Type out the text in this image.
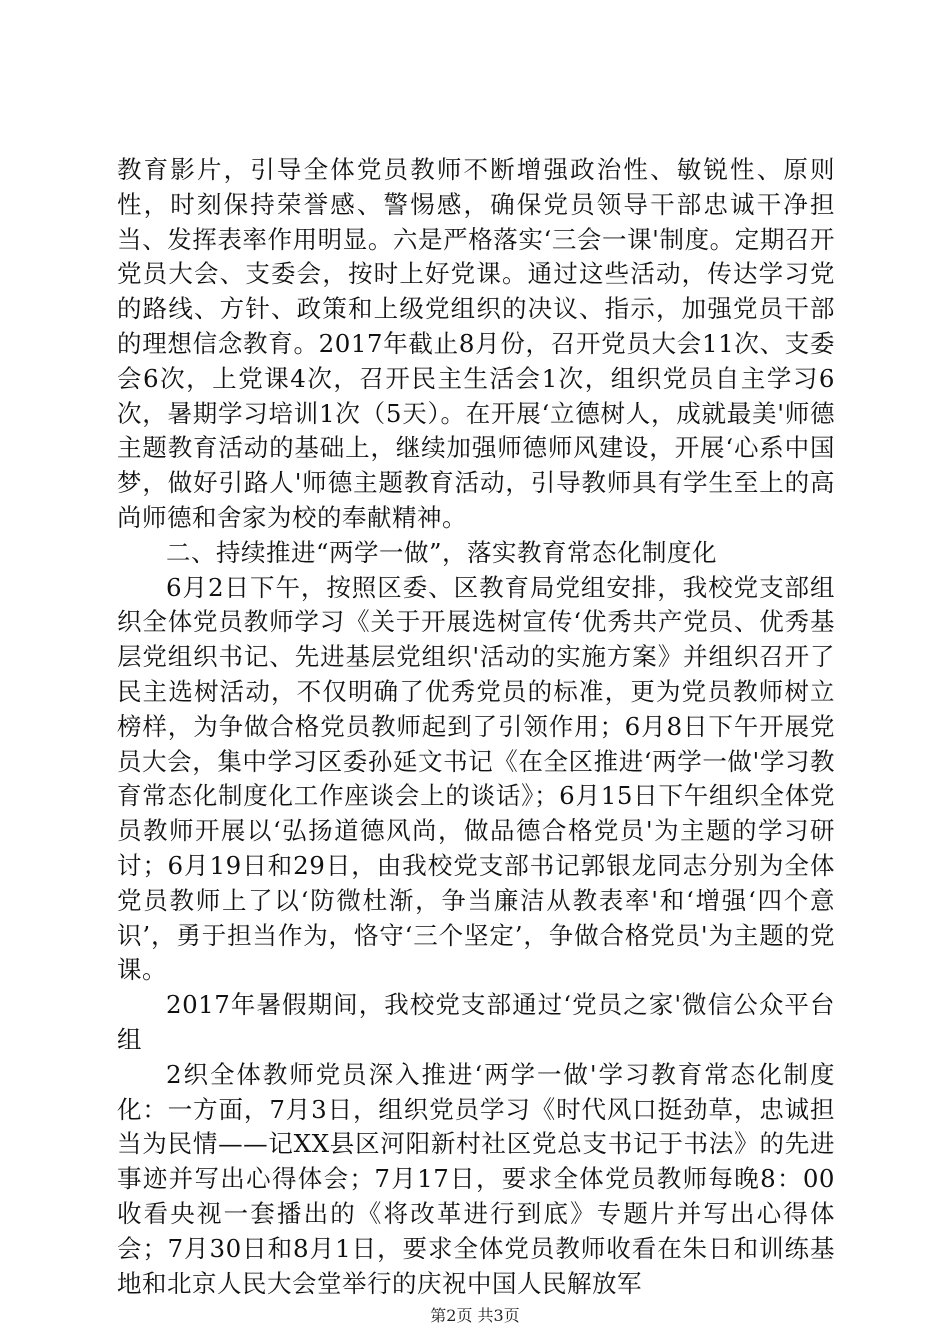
教育影片，引导全体党员教师不断增强政治性、敏锐性、原则性，时刻保持荣誉感、警惕感，确保党员领导干部忠诚干净担当、发挥表率作用明显。六是严格落实‘三会一课'制度。定期召开党员大会、支委会，按时上好党课。通过这些活动，传达学习党的路线、方针、政策和上级党组织的决议、指示，加强党员干部的理想信念教育。2017年截止8月份，召开党员大会11次、支委会6次，上党课4次，召开民主生活会1次，组织党员自主学习6次，暑期学习培训1次（5天）。在开展‘立德树人，成就最美'师德主题教育活动的基础上，继续加强师德师风建设，开展‘心系中国梦，做好引路人'师德主题教育活动，引导教师具有学生至上的高尚师德和舍家为校的奉献精神。

二、持续推进“两学一做”，落实教育常态化制度化

6月2日下午，按照区委、区教育局党组安排，我校党支部组织全体党员教师学习《关于开展选树宣传‘优秀共产党员、优秀基层党组织书记、先进基层党组织'活动的实施方案》并组织召开了民主选树活动，不仅明确了优秀党员的标准，更为党员教师树立榜样，为争做合格党员教师起到了引领作用；6月8日下午开展党员大会，集中学习区委孙延文书记《在全区推进‘两学一做'学习教育常态化制度化工作座谈会上的谈话》；6月15日下午组织全体党员教师开展以‘弘扬道德风尚，做品德合格党员'为主题的学习研讨；6月19日和29日，由我校党支部书记郭银龙同志分别为全体党员教师上了以‘防微杜渐，争当廉洁从教表率'和‘增强‘四个意识’，勇于担当作为，恪守‘三个坚定’，争做合格党员'为主题的党课。

2017年暑假期间，我校党支部通过‘党员之家'微信公众平台组

2织全体教师党员深入推进‘两学一做'学习教育常态化制度化：一方面，7月3日，组织党员学习《时代风口挺劲草，忠诚担当为民情——记XX县区河阳新村社区党总支书记于书法》的先进事迹并写出心得体会；7月17日，要求全体党员教师每晚8：00收看央视一套播出的《将改革进行到底》专题片并写出心得体会；7月30日和8月1日，要求全体党员教师收看在朱日和训练基地和北京人民大会堂举行的庆祝中国人民解放军

第2页 共3页
